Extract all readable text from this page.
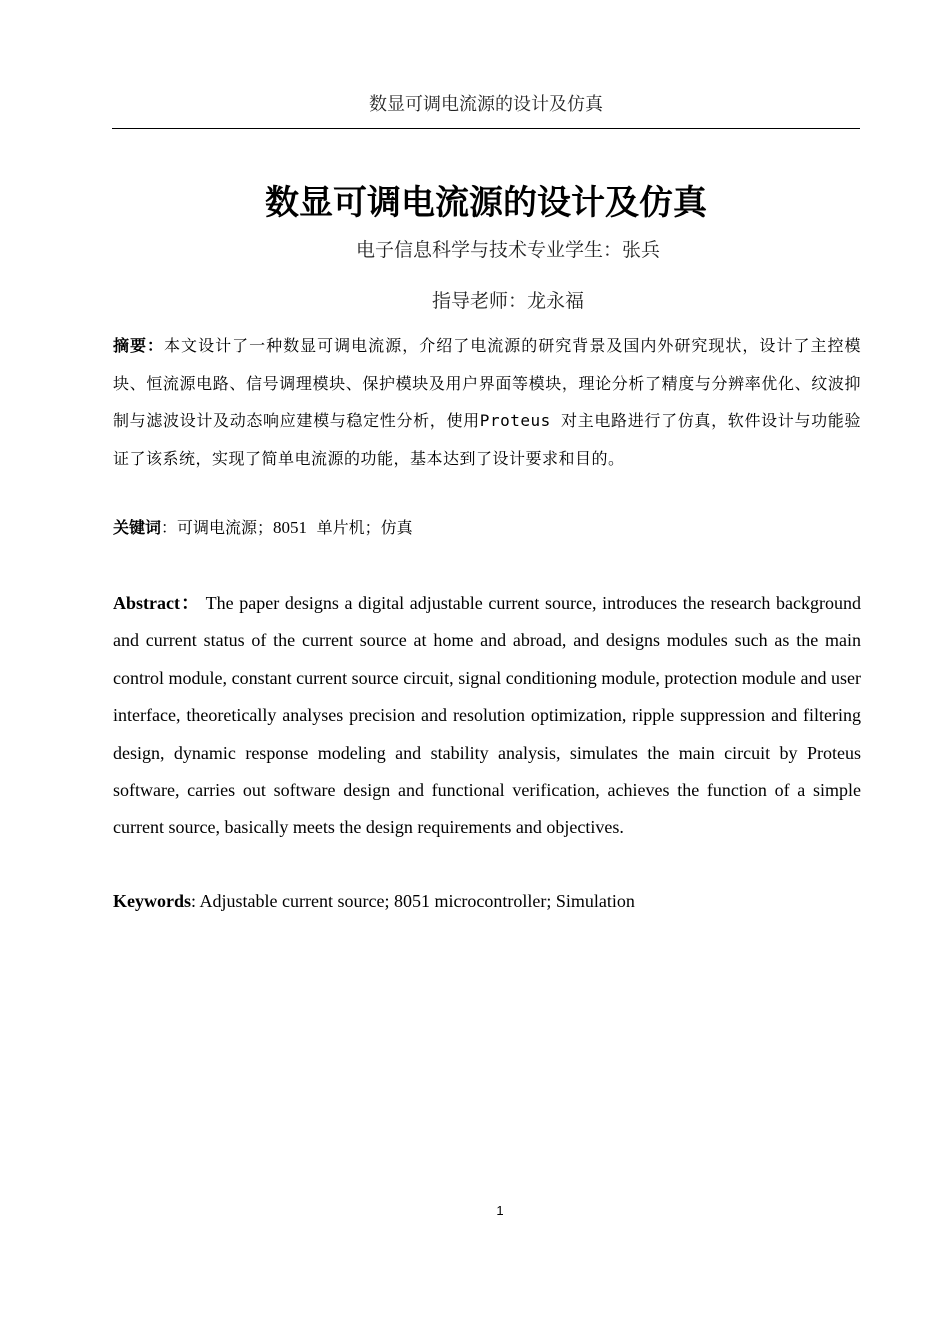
数显可调电流源的设计及仿真
数显可调电流源的设计及仿真
电子信息科学与技术专业学生：张兵
指导老师：龙永福
摘要：本文设计了一种数显可调电流源，介绍了电流源的研究背景及国内外研究现状，设计了主控模块、恒流源电路、信号调理模块、保护模块及用户界面等模块，理论分析了精度与分辨率优化、纹波抑制与滤波设计及动态响应建模与稳定性分析，使用Proteus 对主电路进行了仿真，软件设计与功能验证了该系统，实现了简单电流源的功能，基本达到了设计要求和目的。
关键词：可调电流源；8051 单片机；仿真
Abstract： The paper designs a digital adjustable current source, introduces the research background and current status of the current source at home and abroad, and designs modules such as the main control module, constant current source circuit, signal conditioning module, protection module and user interface, theoretically analyses precision and resolution optimization, ripple suppression and filtering design, dynamic response modeling and stability analysis, simulates the main circuit by Proteus software, carries out software design and functional verification, achieves the function of a simple current source, basically meets the design requirements and objectives.
Keywords: Adjustable current source; 8051 microcontroller; Simulation
1
